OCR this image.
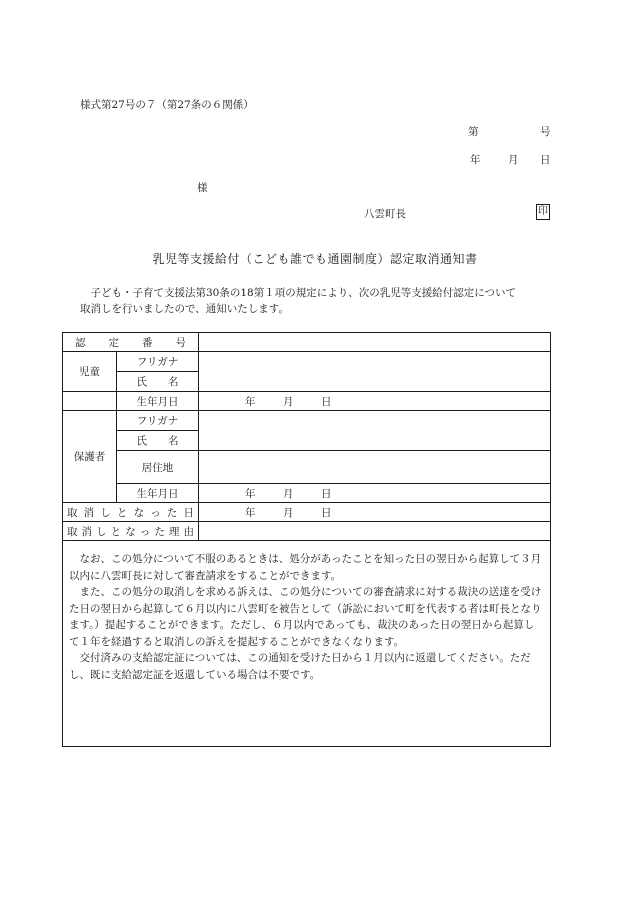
様式第27号の７（第27条の６関係）
第	号
年	月 日
様
八雲町長	印
乳児等支援給付（こども誰でも通園制度）認定取消通知書

子ども・子育て支援法第30条の18第１項の規定により、次の乳児等支援給付認定について

取消しを行いましたので、通知いたします。

認定番号		
児童	フリガナ	
	氏　　名	
	生年月日	年 月 日
保護者	フリガナ	
	氏　　名	
	居住地	
	生年月日	年 月 日
取消しとなった日		年 月 日
取消しとなった理由		

なお、この処分について不服のあるときは、処分があったことを知った日の翌日から起算して３月以内に八雲町長に対して審査請求をすることができます。

また、この処分の取消しを求める訴えは、この処分についての審査請求に対する裁決の送達を受けた日の翌日から起算して６月以内に八雲町を被告として（訴訟において町を代表する者は町長となります。）提起することができます。ただし、６月以内であっても、裁決のあった日の翌日から起算して１年を経過すると取消しの訴えを提起することができなくなります。

交付済みの支給認定証については、この通知を受けた日から１月以内に返還してください。ただし、既に支給認定証を返還している場合は不要です。		
